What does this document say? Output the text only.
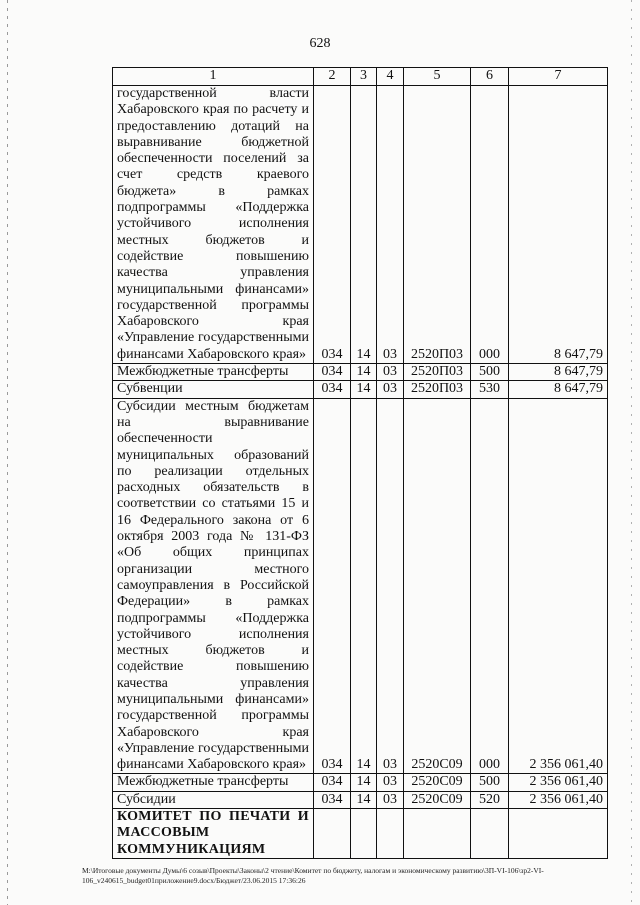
628
1	2	3	4	5	6	7
государственной власти Хабаровского края по расчету и предоставлению дотаций на выравнивание бюджетной обеспеченности поселений за счет средств краевого бюджета» в рамках подпрограммы «Поддержка устойчивого исполнения местных бюджетов и содействие повышению качества управления муниципальными финансами» государственной программы Хабаровского края «Управление государственными финансами Хабаровского края»	034	14	03	2520П03	000	8 647,79
Межбюджетные трансферты	034	14	03	2520П03	500	8 647,79
Субвенции	034	14	03	2520П03	530	8 647,79
Субсидии местным бюджетам на выравнивание обеспеченности муниципальных образований по реализации отдельных расходных обязательств в соответствии со статьями 15 и 16 Федерального закона от 6 октября 2003 года № 131-ФЗ «Об общих принципах организации местного самоуправления в Российской Федерации» в рамках подпрограммы «Поддержка устойчивого исполнения местных бюджетов и содействие повышению качества управления муниципальными финансами» государственной программы Хабаровского края «Управление государственными финансами Хабаровского края»	034	14	03	2520С09	000	2 356 061,40
Межбюджетные трансферты	034	14	03	2520С09	500	2 356 061,40
Субсидии	034	14	03	2520С09	520	2 356 061,40
КОМИТЕТ ПО ПЕЧАТИ И МАССОВЫМ КОММУНИКАЦИЯМ						
M:\Итоговые документы Думы\6 созыв\Проекты\Законы\2 чтение\Комитет по бюджету, налогам и экономическому развитию\3П-VI-106\зр2-VI-106_v240615_budget01приложение9.docx/Бюджет/23.06.2015 17:36:26
